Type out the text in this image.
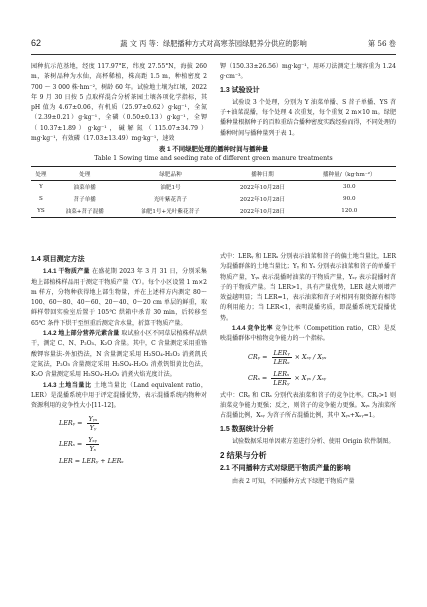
62	蔬 文 丙 等：绿肥播种方式对高寒茶园绿肥养分供应的影响	第 56 卷

园种抗示范基地，经度 117.97°E，纬度 27.55°N，海拔 260 m，茶树品种为水仙，高杯稀植，株高距 1.5 m，种植密度 2 700 ～ 3 000 株·hm⁻²，树龄 60 年。试验地土壤为红壤，2022 年 9 月 30 日按 5 点取样混合分析茶园土壤各项化学指标，其 pH 值为 4.67±0.06，有机质（25.97±0.62）g·kg⁻¹，全氮（2.39±0.21）g·kg⁻¹，全磷（0.50±0.13）g·kg⁻¹，全钾（10.37±1.89）g·kg⁻¹，碱解氮（115.07±34.79）mg·kg⁻¹，有效磷（17.03±13.49）mg·kg⁻¹，速效

钾（150.33±26.56）mg·kg⁻¹，用环刀法测定土壤容重为 1.24 g·cm⁻³。

1.3 试验设计

试验设 3 个处理，分别为 Y 油菜单播、S 苕子单播、YS 苕子+油菜混播，每个处理 4 次重复，每个重复 2 m×10 m。绿肥播种量根据种子的百粒重结合播种密度实践经验而得，不同处理的播种时间与播种量列于表 1。

表 1 不同绿肥处理的播种时间与播种量
Table 1 Sowing time and seeding rate of different green manure treatments
处理	处理	绿肥品种	播种日期	播种量/（kg·hm⁻²）
Y	油菜单播	油肥1号	2022年10月28日	30.0
S	苕子单播	光叶紫花苕子	2022年10月28日	90.0
YS	油菜+苕子混播	油肥1号+光叶紫花苕子	2022年10月28日	120.0
1.4 项目测定方法

1.4.1 干物质产量 在盛花期 2023 年 3 月 31 日，分别采集地上部植株样品用于测定干物质产量（Y）。每个小区设置 1 m×2 m 样方，分物种获得地上部生物量，并在上述样方内测定 80～100、60～80、40～60、20～40、0～20 cm 单层的鲜重，取鲜样带回实验室后置于 105℃ 烘箱中杀青 30 min，后转移至 65℃ 条件下烘干至恒重后测定含水量，折算干物质产量。

1.4.2 地上部分营养元素含量 取试验小区不同草层植株样品烘干，测定 C、N、P₂O₅、K₂O 含量。其中，C 含量测定采用重铬酸钾容量法-外加热法，N 含量测定采用 H₂SO₄-H₂O₂ 消煮凯氏定氮法，P₂O₅ 含量测定采用 H₂SO₄-H₂O₂ 消煮钒钼黄比色法，K₂O 含量测定采用 H₂SO₄-H₂O₂ 消煮火焰光度计法。

1.4.3 土地当量比 土地当量比（Land equivalent ratio，LER）是混播系统中用于评定混播优势，表示混播系统内物种对资源利用的竞争性大小[11-12]。

LERᵧ = $\frac{\text{Yᵧₛ}}{\text{Yᵧ}}$
$LER_s = \frac{\text{Yₛᵧ}}{\text{Yₛ}}$
LER = LERᵧ + LERₛ

式中：LERᵧ 和 LERₛ 分别表示油菜和苕子的偏土地当量比，LER 为混播群落的土地当量比；Yᵧ 和 Yₛ 分别表示油菜和苕子的单播干物质产量，Yᵧₛ 表示混播时油菜的干物质产量，Yₛᵧ 表示混播时苕子的干物质产量。当 LER>1，具有产量优势，LER 越大则增产效益越明显；当 LER=1，表示油菜和苕子对相同有限资源有相等的利用能力；当 LER<1，表明混播劣质，即混播系统无混播优势。

1.4.4 竞争比率 竞争比率（Competition ratio，CR）是反映混播群体中植物竞争能力的一个指标。

CRᵧ = $\frac{\text{LERᵧ}}{\text{LERₛ}}$ × Xₛᵧ / Xᵧₛ
$CR_s = \frac{\text{LERₛ}}{\text{LERᵧ}}$ × Xᵧₛ / Xₛᵧ

式中：CRᵧ 和 CRₛ 分别代表油菜和苕子的竞争比率。CRᵧ>1 则油菜竞争能力更强；反之，则苕子的竞争能力更强。Xᵧₛ 为油菜所占混播比例，Xₛᵧ 为苕子所占混播比例，其中 Xᵧₛ+Xₛᵧ=1。

1.5 数据统计分析

试验数据采用单因素方差进行分析、使用 Origin 软件制图。

2 结果与分析
2.1 不同播种方式对绿肥干物质产量的影响

由表 2 可知，不同播种方式下绿肥干物质产量
